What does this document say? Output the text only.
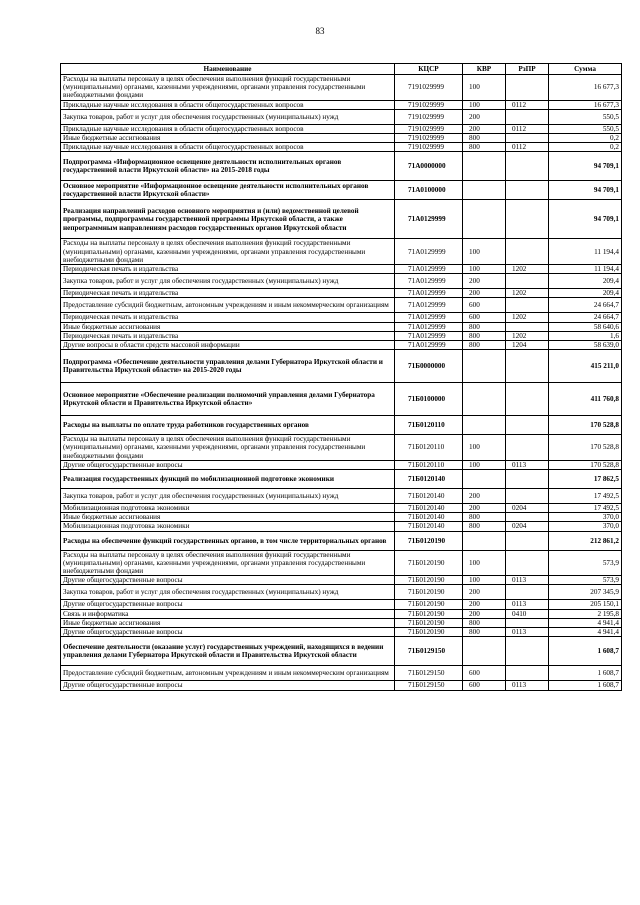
83
Наименование	КЦСР	КВР	РзПР	Сумма
Расходы на выплаты персоналу в целях обеспечения выполнения функций государственными (муниципальными) органами, казенными учреждениями, органами управления государственными внебюджетными фондами	7191029999	100		16 677,3
Прикладные научные исследования в области общегосударственных вопросов	7191029999	100	0112	16 677,3
Закупка товаров, работ и услуг для обеспечения государственных (муниципальных) нужд	7191029999	200		550,5
Прикладные научные исследования в области общегосударственных вопросов	7191029999	200	0112	550,5
Иные бюджетные ассигнования	7191029999	800		0,2
Прикладные научные исследования в области общегосударственных вопросов	7191029999	800	0112	0,2
Подпрограмма «Информационное освещение деятельности исполнительных органов государственной власти Иркутской области» на 2015-2018 годы	71А0000000			94 709,1
Основное мероприятие «Информационное освещение деятельности исполнительных органов государственной власти Иркутской области»	71А0100000			94 709,1
Реализация направлений расходов основного мероприятия и (или) ведомственной целевой программы, подпрограммы государственной программы Иркутской области, а также непрограммным направлениям расходов государственных органов Иркутской области	71А0129999			94 709,1
Расходы на выплаты персоналу в целях обеспечения выполнения функций государственными (муниципальными) органами, казенными учреждениями, органами управления государственными внебюджетными фондами	71А0129999	100		11 194,4
Периодическая печать и издательства	71А0129999	100	1202	11 194,4
Закупка товаров, работ и услуг для обеспечения государственных (муниципальных) нужд	71А0129999	200		209,4
Периодическая печать и издательства	71А0129999	200	1202	209,4
Предоставление субсидий бюджетным, автономным учреждениям и иным некоммерческим организациям	71А0129999	600		24 664,7
Периодическая печать и издательства	71А0129999	600	1202	24 664,7
Иные бюджетные ассигнования	71А0129999	800		58 640,6
Периодическая печать и издательства	71А0129999	800	1202	1,6
Другие вопросы в области средств массовой информации	71А0129999	800	1204	58 639,0
Подпрограмма «Обеспечение деятельности управления делами Губернатора Иркутской области и Правительства Иркутской области» на 2015-2020 годы	71Б0000000			415 211,0
Основное мероприятие «Обеспечение реализации полномочий управления делами Губернатора Иркутской области и Правительства Иркутской области»	71Б0100000			411 760,8
Расходы на выплаты по оплате труда работников государственных органов	71Б0120110			170 528,8
Расходы на выплаты персоналу в целях обеспечения выполнения функций государственными (муниципальными) органами, казенными учреждениями, органами управления государственными внебюджетными фондами	71Б0120110	100		170 528,8
Другие общегосударственные вопросы	71Б0120110	100	0113	170 528,8
Реализация государственных функций по мобилизационной подготовке экономики	71Б0120140			17 862,5
Закупка товаров, работ и услуг для обеспечения государственных (муниципальных) нужд	71Б0120140	200		17 492,5
Мобилизационная подготовка экономики	71Б0120140	200	0204	17 492,5
Иные бюджетные ассигнования	71Б0120140	800		370,0
Мобилизационная подготовка экономики	71Б0120140	800	0204	370,0
Расходы на обеспечение функций государственных органов, в том числе территориальных органов	71Б0120190			212 861,2
Расходы на выплаты персоналу в целях обеспечения выполнения функций государственными (муниципальными) органами, казенными учреждениями, органами управления государственными внебюджетными фондами	71Б0120190	100		573,9
Другие общегосударственные вопросы	71Б0120190	100	0113	573,9
Закупка товаров, работ и услуг для обеспечения государственных (муниципальных) нужд	71Б0120190	200		207 345,9
Другие общегосударственные вопросы	71Б0120190	200	0113	205 150,1
Связь и информатика	71Б0120190	200	0410	2 195,8
Иные бюджетные ассигнования	71Б0120190	800		4 941,4
Другие общегосударственные вопросы	71Б0120190	800	0113	4 941,4
Обеспечение деятельности (оказание услуг) государственных учреждений, находящихся в ведении управления делами Губернатора Иркутской области и Правительства Иркутской области	71Б0129150			1 608,7
Предоставление субсидий бюджетным, автономным учреждениям и иным некоммерческим организациям	71Б0129150	600		1 608,7
Другие общегосударственные вопросы	71Б0129150	600	0113	1 608,7
